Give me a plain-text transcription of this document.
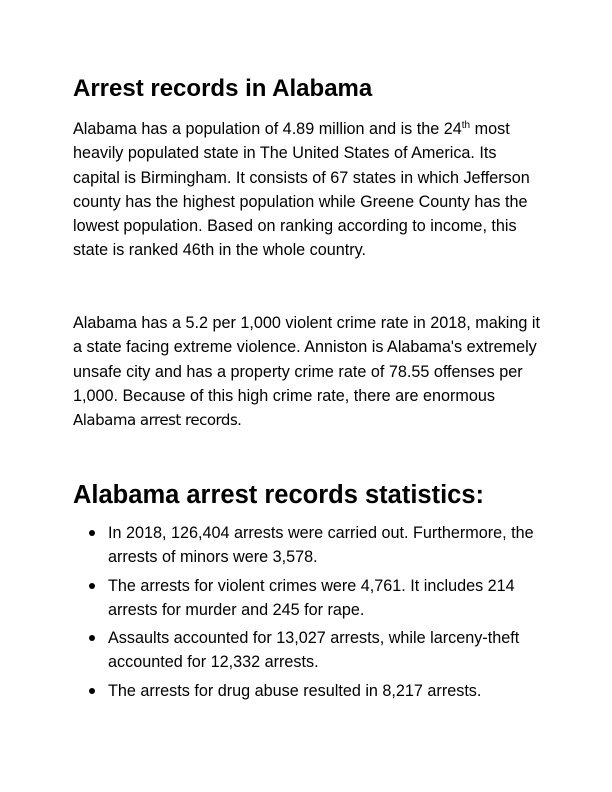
Arrest records in Alabama

Alabama has a population of 4.89 million and is the 24th most heavily populated state in The United States of America. Its capital is Birmingham. It consists of 67 states in which Jefferson county has the highest population while Greene County has the lowest population. Based on ranking according to income, this state is ranked 46th in the whole country.

Alabama has a 5.2 per 1,000 violent crime rate in 2018, making it a state facing extreme violence. Anniston is Alabama's extremely unsafe city and has a property crime rate of 78.55 offenses per 1,000. Because of this high crime rate, there are enormous Alabama arrest records.

Alabama arrest records statistics:
In 2018, 126,404 arrests were carried out. Furthermore, the arrests of minors were 3,578.
The arrests for violent crimes were 4,761. It includes 214 arrests for murder and 245 for rape.
Assaults accounted for 13,027 arrests, while larceny-theft accounted for 12,332 arrests.
The arrests for drug abuse resulted in 8,217 arrests.
